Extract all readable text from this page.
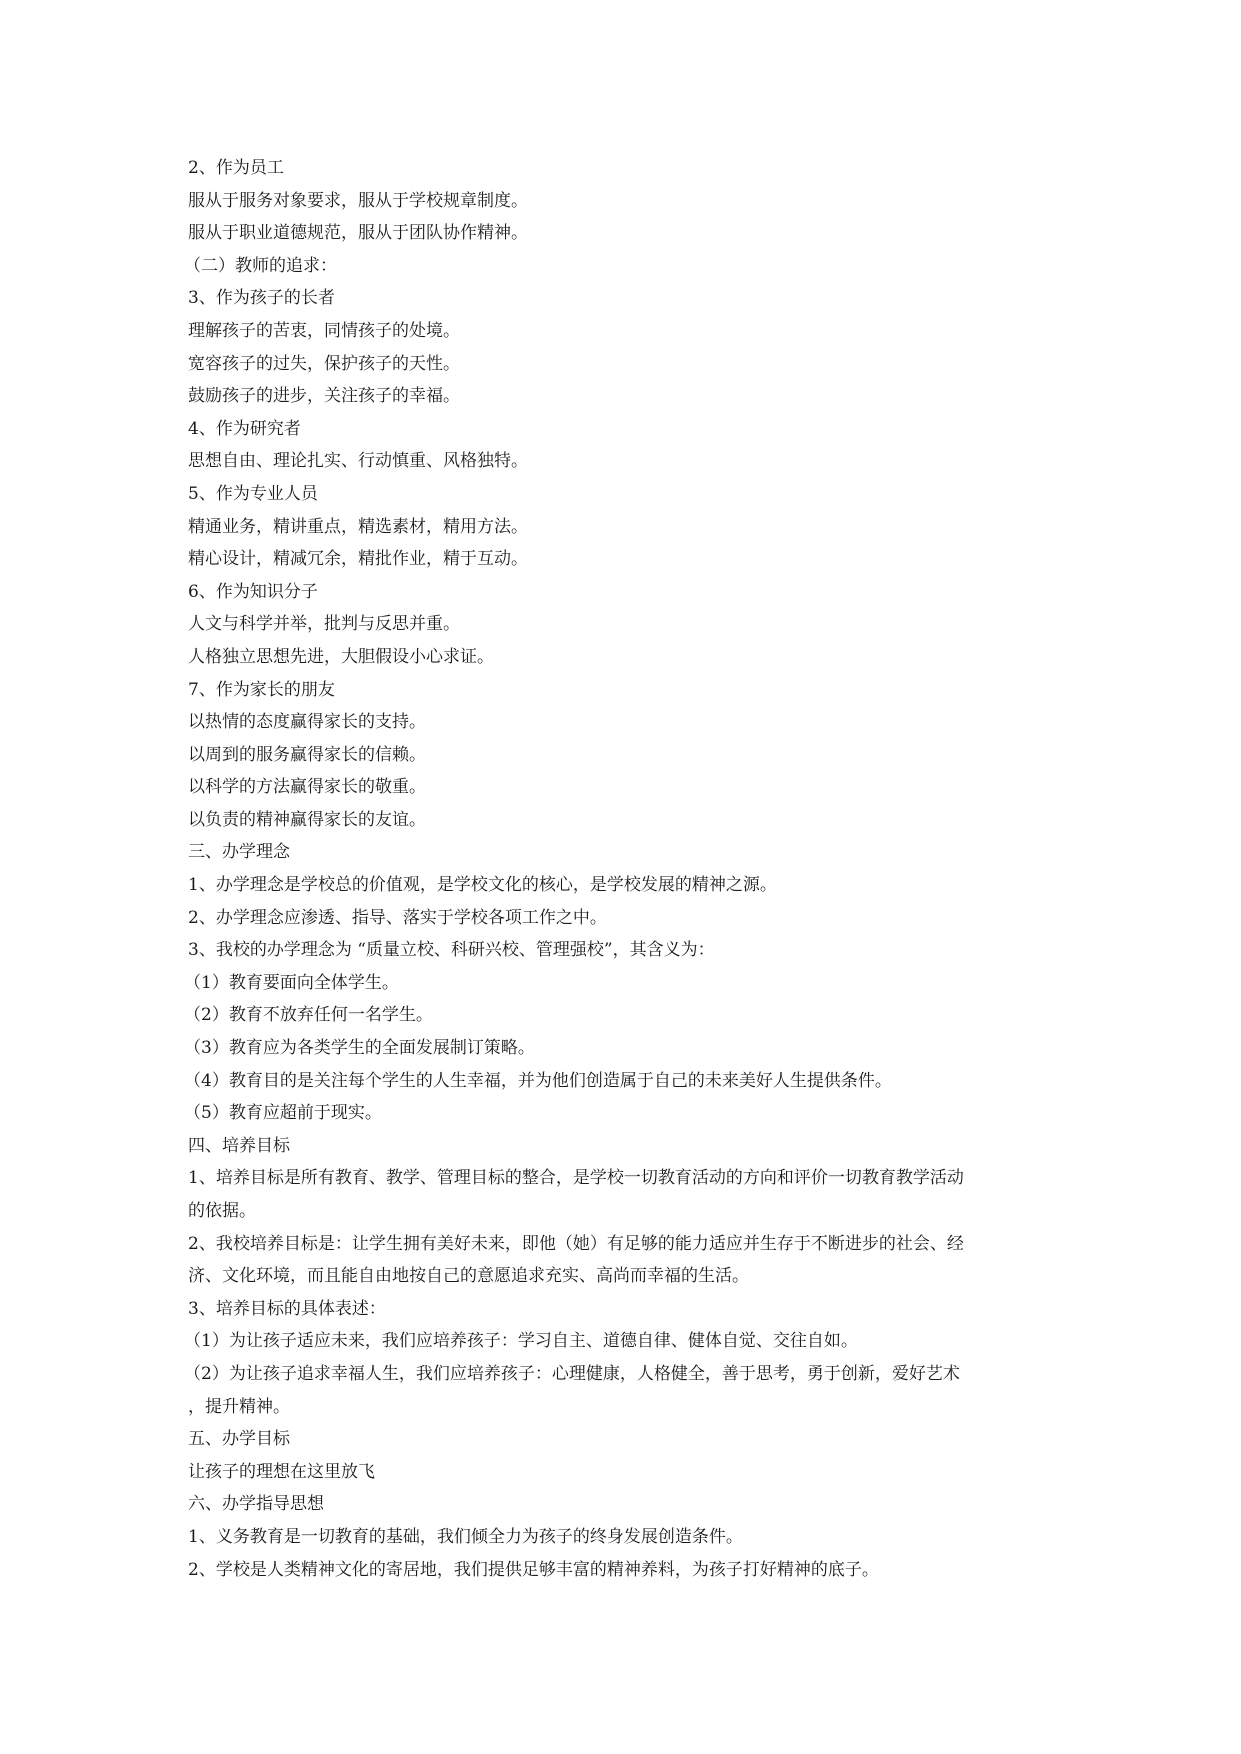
2、作为员工
服从于服务对象要求，服从于学校规章制度。
服从于职业道德规范，服从于团队协作精神。
（二）教师的追求：
3、作为孩子的长者
理解孩子的苦衷，同情孩子的处境。
宽容孩子的过失，保护孩子的天性。
鼓励孩子的进步，关注孩子的幸福。
4、作为研究者
思想自由、理论扎实、行动慎重、风格独特。
5、作为专业人员
精通业务，精讲重点，精选素材，精用方法。
精心设计，精减冗余，精批作业，精于互动。
6、作为知识分子
人文与科学并举，批判与反思并重。
人格独立思想先进，大胆假设小心求证。
7、作为家长的朋友
以热情的态度赢得家长的支持。
以周到的服务赢得家长的信赖。
以科学的方法赢得家长的敬重。
以负责的精神赢得家长的友谊。
三、办学理念
1、办学理念是学校总的价值观，是学校文化的核心，是学校发展的精神之源。
2、办学理念应渗透、指导、落实于学校各项工作之中。
3、我校的办学理念为 “质量立校、科研兴校、管理强校”，其含义为：
（1）教育要面向全体学生。
（2）教育不放弃任何一名学生。
（3）教育应为各类学生的全面发展制订策略。
（4）教育目的是关注每个学生的人生幸福，并为他们创造属于自己的未来美好人生提供条件。
（5）教育应超前于现实。
四、培养目标
1、培养目标是所有教育、教学、管理目标的整合，是学校一切教育活动的方向和评价一切教育教学活动
的依据。
2、我校培养目标是：让学生拥有美好未来，即他（她）有足够的能力适应并生存于不断进步的社会、经
济、文化环境，而且能自由地按自己的意愿追求充实、高尚而幸福的生活。
3、培养目标的具体表述：
（1）为让孩子适应未来，我们应培养孩子：学习自主、道德自律、健体自觉、交往自如。
（2）为让孩子追求幸福人生，我们应培养孩子：心理健康，人格健全，善于思考，勇于创新，爱好艺术
，提升精神。
五、办学目标
让孩子的理想在这里放飞
六、办学指导思想
1、义务教育是一切教育的基础，我们倾全力为孩子的终身发展创造条件。
2、学校是人类精神文化的寄居地，我们提供足够丰富的精神养料，为孩子打好精神的底子。
